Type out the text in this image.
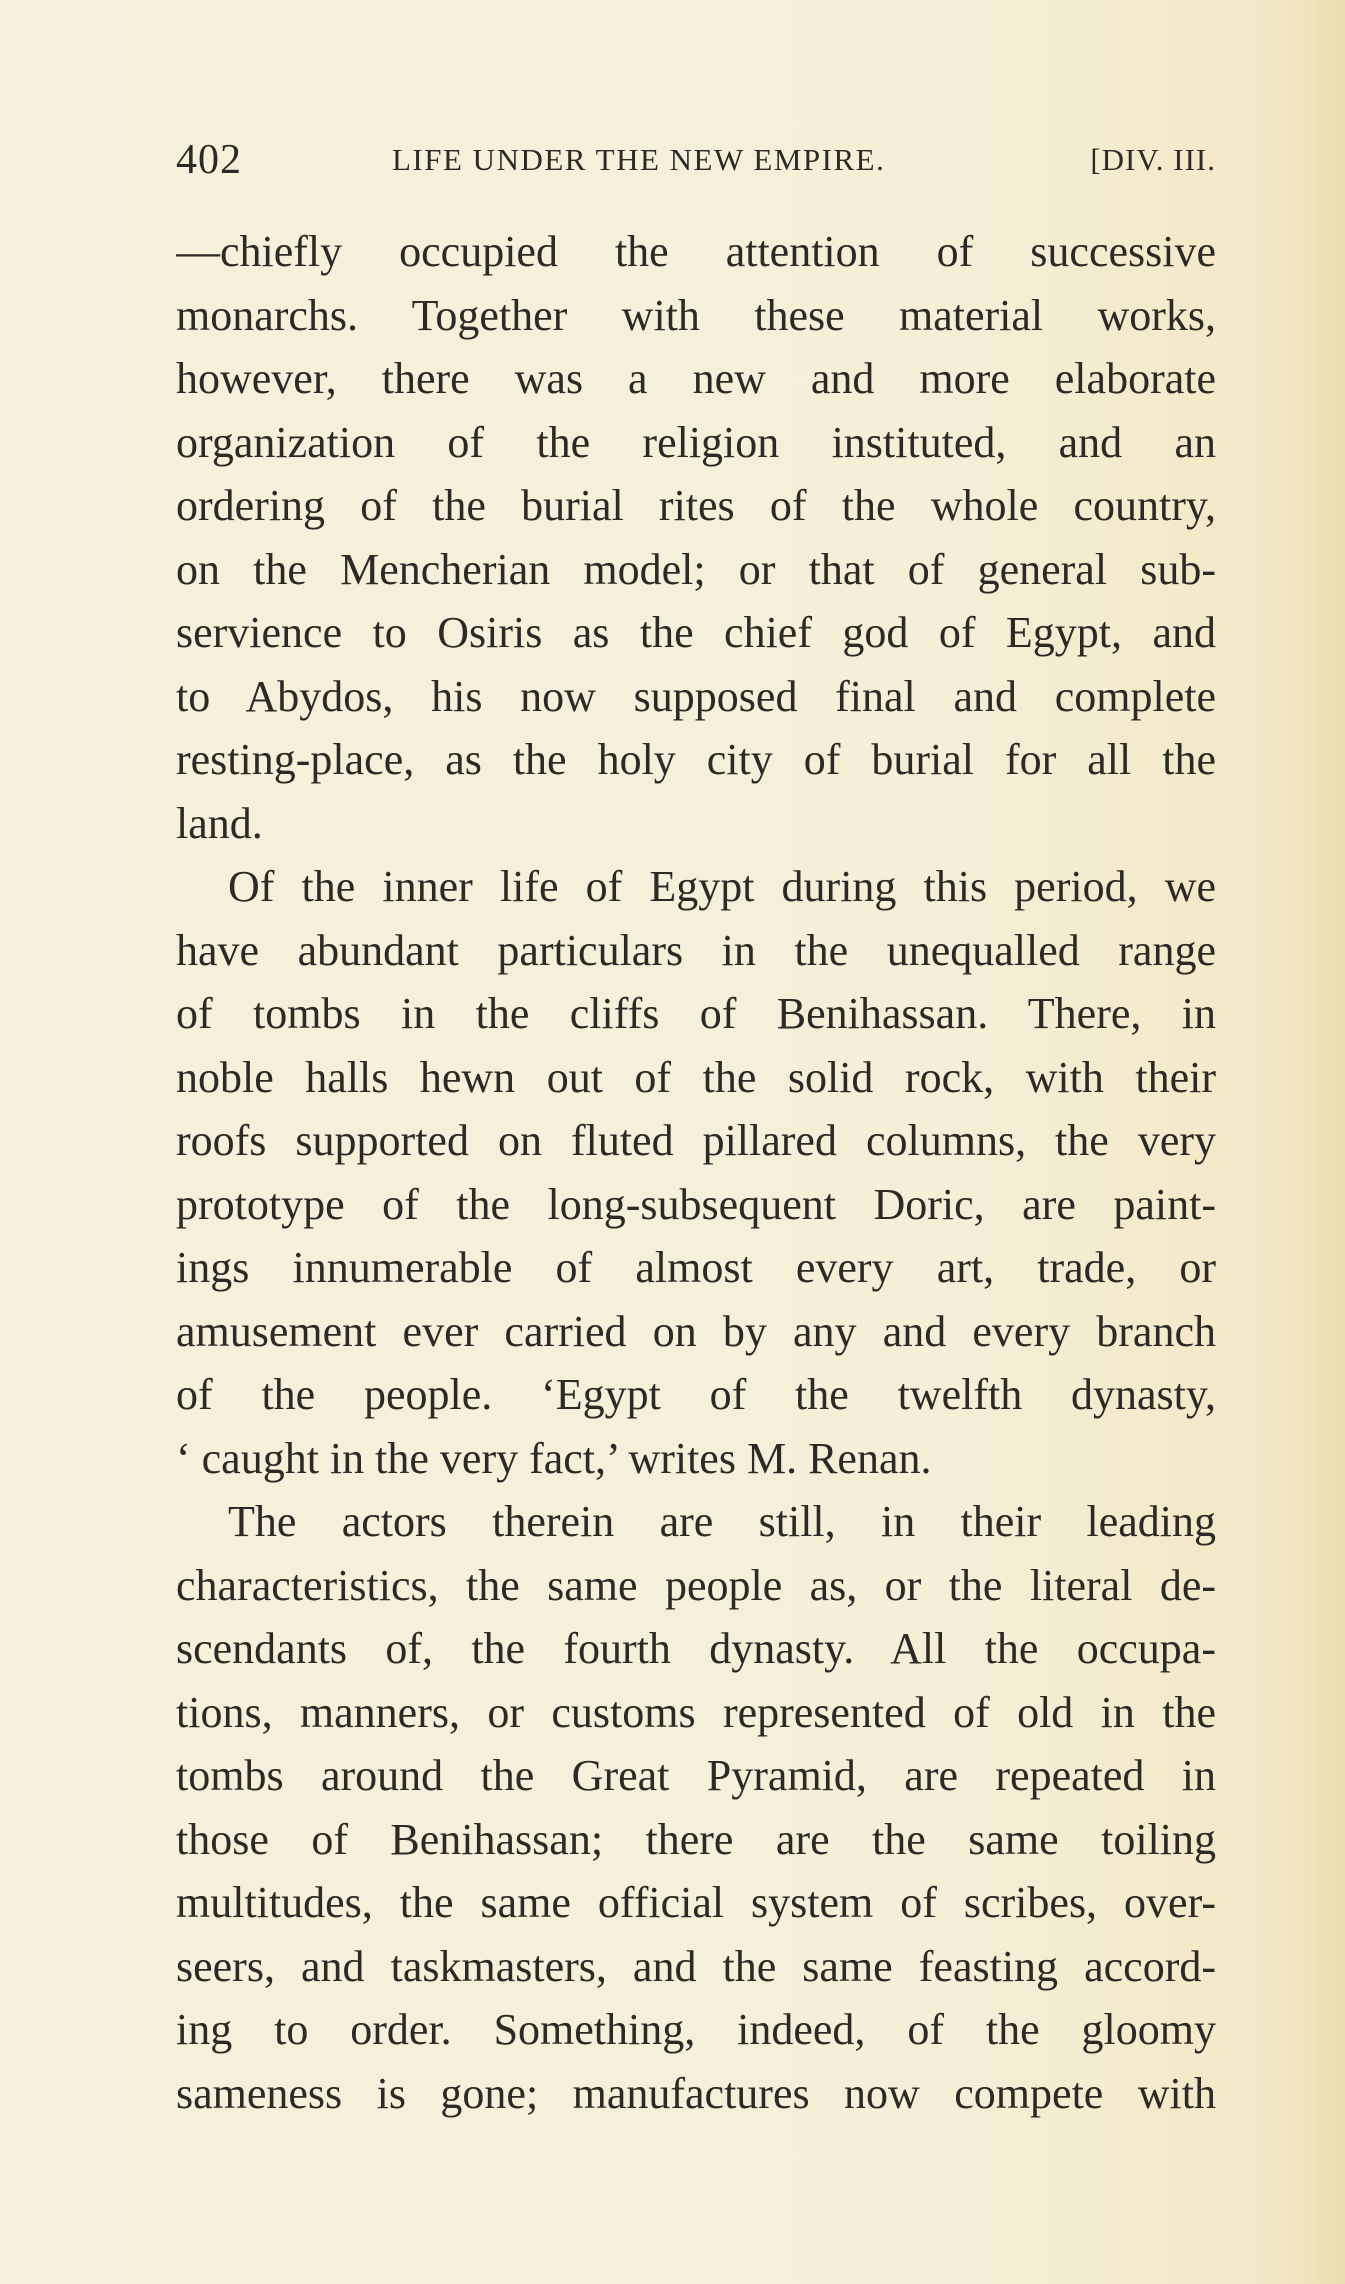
402	LIFE UNDER THE NEW EMPIRE.	[DIV. III.
—chiefly occupied the attention of successive
monarchs. Together with these material works,
however, there was a new and more elaborate
organization of the religion instituted, and an
ordering of the burial rites of the whole country,
on the Mencherian model; or that of general sub-
servience to Osiris as the chief god of Egypt, and
to Abydos, his now supposed final and complete
resting-place, as the holy city of burial for all the
land.
Of the inner life of Egypt during this period, we
have abundant particulars in the unequalled range
of tombs in the cliffs of Benihassan. There, in
noble halls hewn out of the solid rock, with their
roofs supported on fluted pillared columns, the very
prototype of the long-subsequent Doric, are paint-
ings innumerable of almost every art, trade, or
amusement ever carried on by any and every branch
of the people. ‘Egypt of the twelfth dynasty,
‘ caught in the very fact,’ writes M. Renan.
The actors therein are still, in their leading
characteristics, the same people as, or the literal de-
scendants of, the fourth dynasty. All the occupa-
tions, manners, or customs represented of old in the
tombs around the Great Pyramid, are repeated in
those of Benihassan; there are the same toiling
multitudes, the same official system of scribes, over-
seers, and taskmasters, and the same feasting accord-
ing to order. Something, indeed, of the gloomy
sameness is gone; manufactures now compete with
